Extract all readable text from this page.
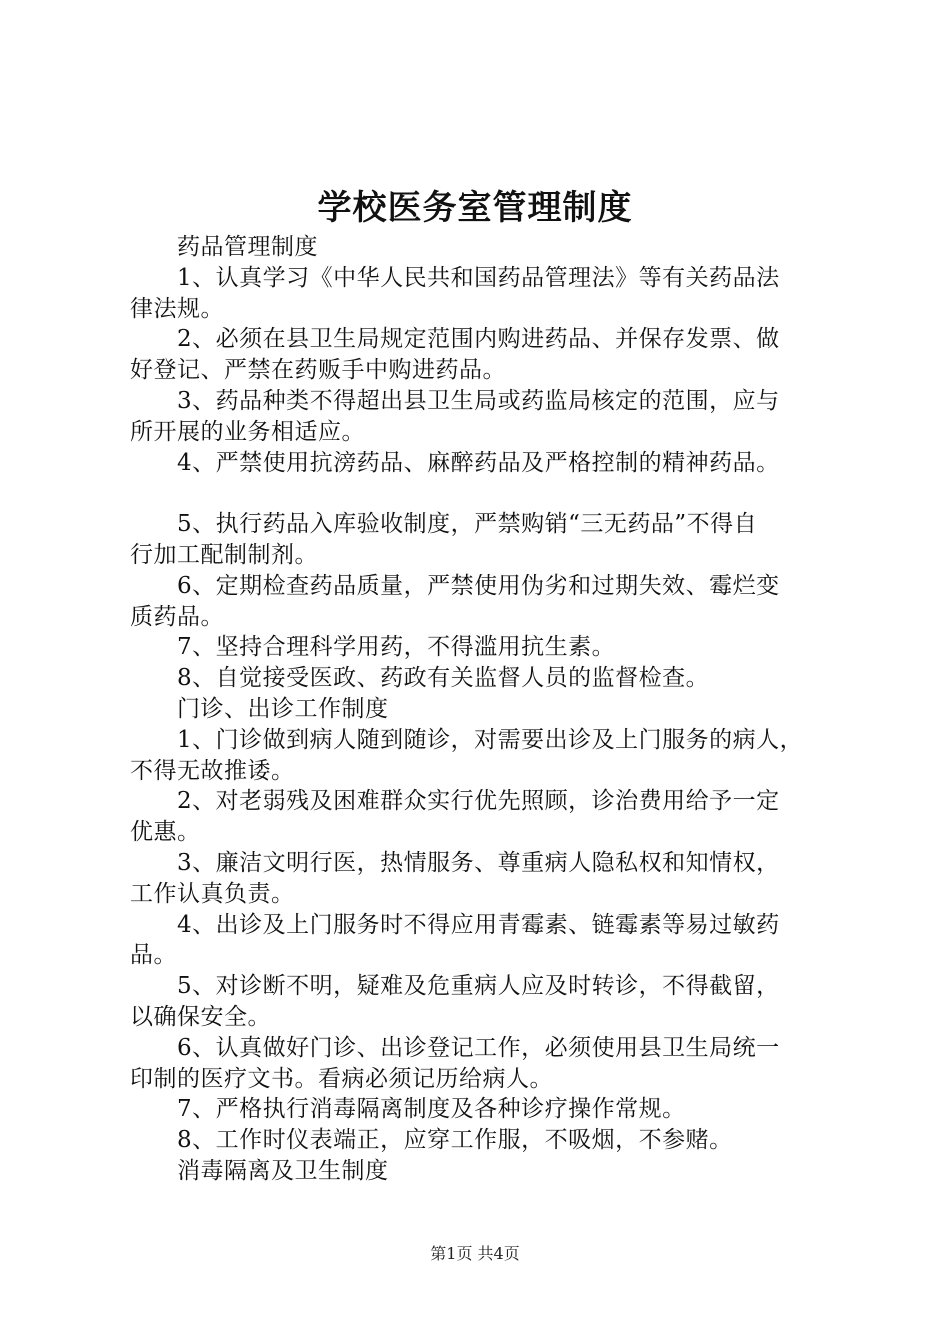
学校医务室管理制度
药品管理制度
1、认真学习《中华人民共和国药品管理法》等有关药品法
律法规。
2、必须在县卫生局规定范围内购进药品、并保存发票、做
好登记、严禁在药贩手中购进药品。
3、药品种类不得超出县卫生局或药监局核定的范围，应与
所开展的业务相适应。
4、严禁使用抗滂药品、麻醉药品及严格控制的精神药品。
5、执行药品入库验收制度，严禁购销“三无药品”不得自
行加工配制制剂。
6、定期检查药品质量，严禁使用伪劣和过期失效、霉烂变
质药品。
7、坚持合理科学用药，不得滥用抗生素。
8、自觉接受医政、药政有关监督人员的监督检查。
门诊、出诊工作制度
1、门诊做到病人随到随诊，对需要出诊及上门服务的病人，
不得无故推诿。
2、对老弱残及困难群众实行优先照顾，诊治费用给予一定
优惠。
3、廉洁文明行医，热情服务、尊重病人隐私权和知情权，
工作认真负责。
4、出诊及上门服务时不得应用青霉素、链霉素等易过敏药
品。
5、对诊断不明，疑难及危重病人应及时转诊，不得截留，
以确保安全。
6、认真做好门诊、出诊登记工作，必须使用县卫生局统一
印制的医疗文书。看病必须记历给病人。
7、严格执行消毒隔离制度及各种诊疗操作常规。
8、工作时仪表端正，应穿工作服，不吸烟，不参赌。
消毒隔离及卫生制度
第1页 共4页
